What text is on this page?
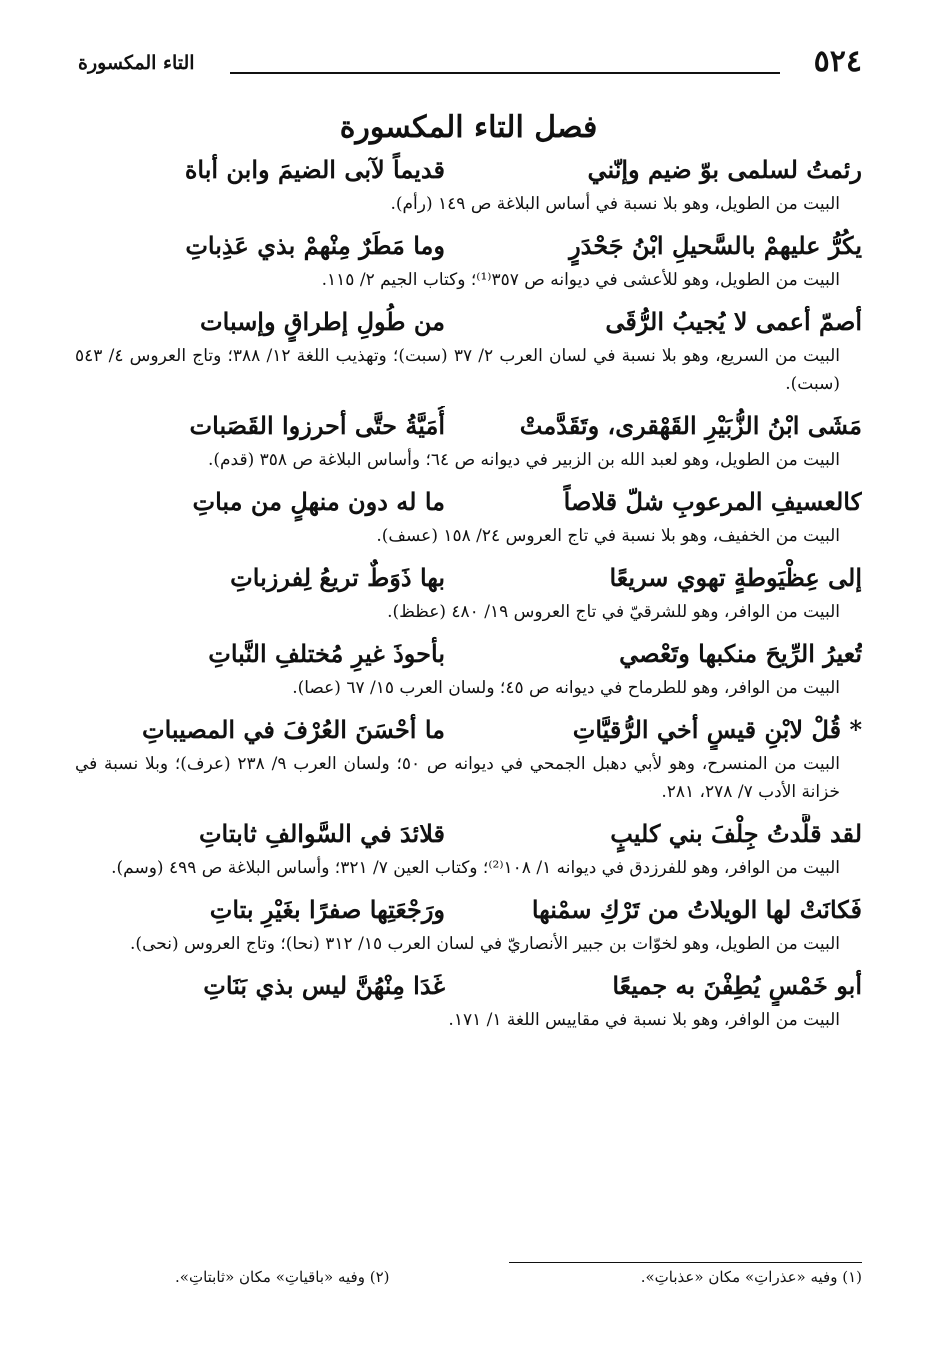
٥٢٤
التاء المكسورة
فصل التاء المكسورة
رئمتُ لسلمى بوّ ضيم وإنّني
قديماً لآبى الضيمَ وابن أباة
البيت من الطويل، وهو بلا نسبة في أساس البلاغة ص ١٤٩ (رأم).
يكُرُّ عليهمْ بالسَّحيلِ ابْنُ جَحْدَرٍ
وما مَطَرٌ مِنْهمْ بذي عَذِباتِ
البيت من الطويل، وهو للأعشى في ديوانه ص ٣٥٧⁽¹⁾؛ وكتاب الجيم ٢/ ١١٥.
أصمّ أعمى لا يُجيبُ الرُّقَى
من طُولِ إطراقٍ وإسبات
البيت من السريع، وهو بلا نسبة في لسان العرب ٢/ ٣٧ (سبت)؛ وتهذيب اللغة ١٢/ ٣٨٨؛ وتاج العروس ٤/ ٥٤٣ (سبت).
مَشَى ابْنُ الزُّبَيْرِ القَهْقرى، وتَقَدَّمتْ
أُمَيَّةُ حتَّى أحرزوا القَصَبات
البيت من الطويل، وهو لعبد الله بن الزبير في ديوانه ص ٦٤؛ وأساس البلاغة ص ٣٥٨ (قدم).
كالعسيفِ المرعوبِ شلّ قلاصاً
ما له دون منهلٍ من مباتِ
البيت من الخفيف، وهو بلا نسبة في تاج العروس ٢٤/ ١٥٨ (عسف).
إلى عِظْيَوطةٍ تهوي سريعًا
بها ذَوَطٌ تريعُ لِفرزباتِ
البيت من الوافر، وهو للشرقيّ في تاج العروس ١٩/ ٤٨٠ (عظظ).
تُعيرُ الرِّيحَ منكبها وتَعْصي
بأحوذَ غيرِ مُختلفِ النَّباتِ
البيت من الوافر، وهو للطرماح في ديوانه ص ٤٥؛ ولسان العرب ١٥/ ٦٧ (عصا).
* قُلْ لابْنِ قيسٍ أخي الرُّقيَّاتِ
ما أحْسَنَ العُرْفَ في المصيباتِ
البيت من المنسرح، وهو لأبي دهبل الجمحي في ديوانه ص ٥٠؛ ولسان العرب ٩/ ٢٣٨ (عرف)؛ وبلا نسبة في خزانة الأدب ٧/ ٢٧٨، ٢٨١.
لقد قلَّدتُ جِلْفَ بني كليبٍ
قلائدَ في السَّوالفِ ثابتاتِ
البيت من الوافر، وهو للفرزدق في ديوانه ١/ ١٠٨⁽²⁾؛ وكتاب العين ٧/ ٣٢١؛ وأساس البلاغة ص ٤٩٩ (وسم).
فَكانَتْ لها الويلاتُ من تَرْكِ سمْنها
ورَجْعَتِها صفرًا بغَيْرِ بتاتِ
البيت من الطويل، وهو لخوّات بن جبير الأنصاريّ في لسان العرب ١٥/ ٣١٢ (نحا)؛ وتاج العروس (نحى).
أبو خَمْسٍ يُطِفْنَ به جميعًا
غَدَا مِنْهُنَّ ليس بذي بَنَاتِ
البيت من الوافر، وهو بلا نسبة في مقاييس اللغة ١/ ١٧١.
(١) وفيه «عذراتِ» مكان «عذباتِ».
(٢) وفيه «باقياتِ» مكان «ثابتاتِ».
